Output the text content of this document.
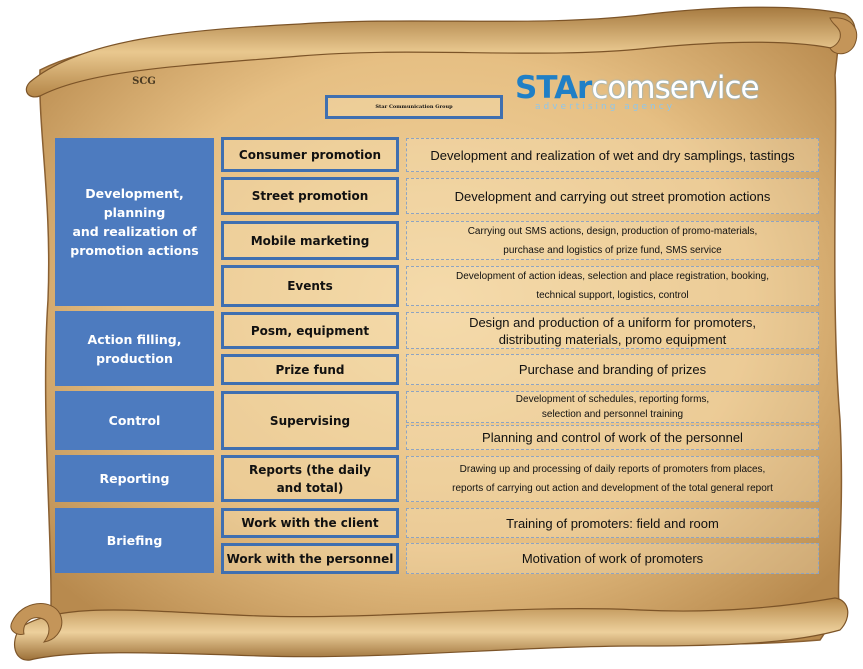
SCG
Star Communication Group
STArcomservice
advertising agency
Development, planning
and realization of
promotion actions
Action filling,
production
Control
Reporting
Briefing
Consumer promotion
Street promotion
Mobile marketing
Events
Posm, equipment
Prize fund
Supervising
Reports (the daily
and total)
Work with the client
Work with the personnel
Development and realization of wet and dry samplings, tastings
Development and carrying out street promotion actions
Carrying out SMS actions, design, production of promo-materials,
purchase and logistics of prize fund, SMS service
Development of action ideas, selection and place registration, booking,
technical support, logistics, control
Design and production of a uniform for promoters,
distributing materials, promo equipment
Purchase and branding of prizes
Development of schedules, reporting forms,
selection and personnel training
Planning and control of work of the personnel
Drawing up and processing of daily reports of promoters from places,
reports of carrying out action and development of the total general report
Training of promoters: field and room
Motivation of work of promoters
